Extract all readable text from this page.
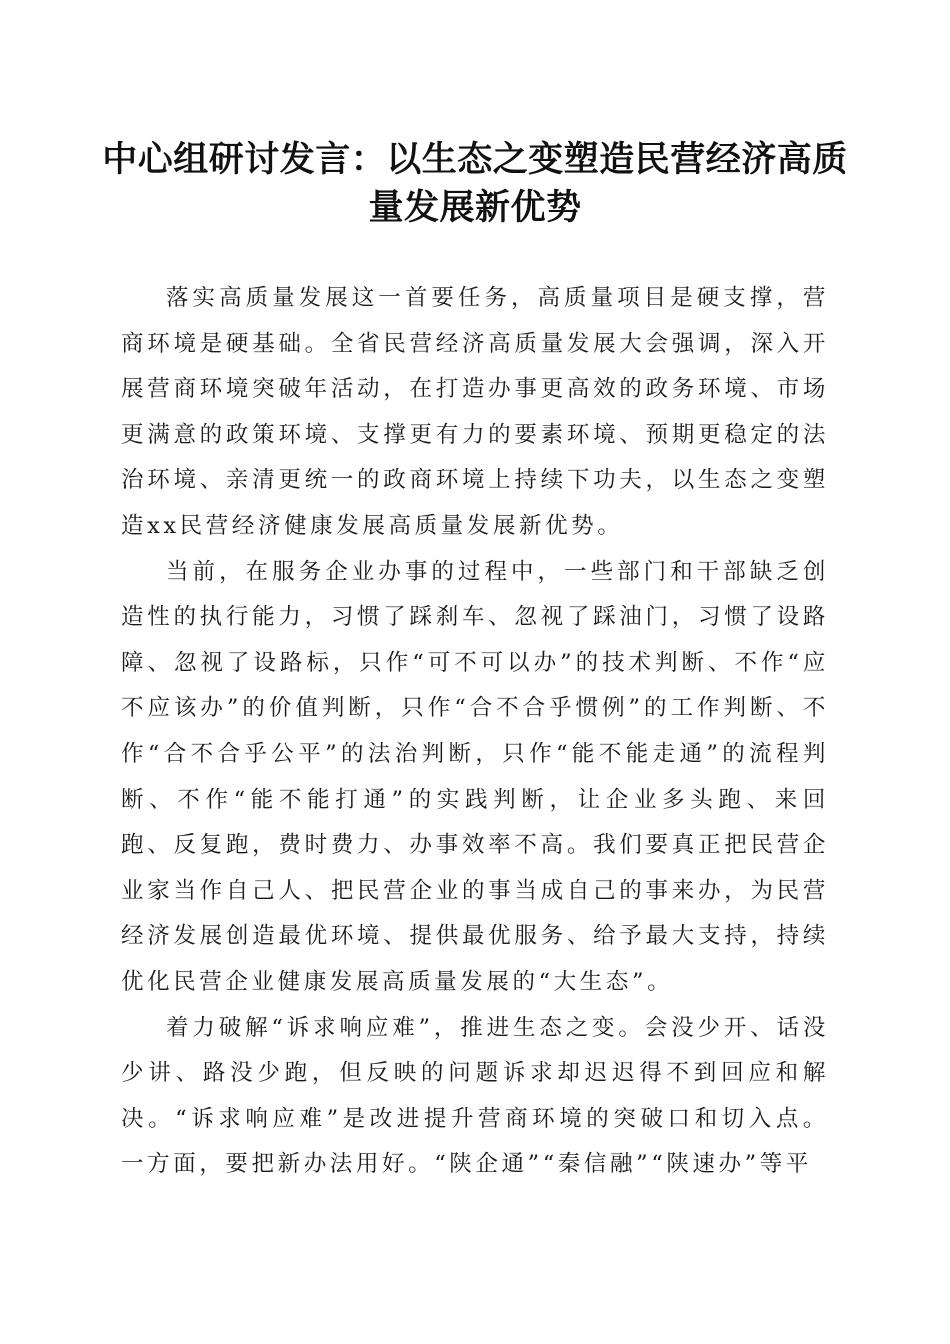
中心组研讨发言：以生态之变塑造民营经济高质量发展新优势

落实高质量发展这一首要任务，高质量项目是硬支撑，营商环境是硬基础。全省民营经济高质量发展大会强调，深入开展营商环境突破年活动，在打造办事更高效的政务环境、市场更满意的政策环境、支撑更有力的要素环境、预期更稳定的法治环境、亲清更统一的政商环境上持续下功夫，以生态之变塑造xx民营经济健康发展高质量发展新优势。

当前，在服务企业办事的过程中，一些部门和干部缺乏创造性的执行能力，习惯了踩刹车、忽视了踩油门，习惯了设路障、忽视了设路标，只作“可不可以办”的技术判断、不作“应不应该办”的价值判断，只作“合不合乎惯例”的工作判断、不作“合不合乎公平”的法治判断，只作“能不能走通”的流程判断、不作“能不能打通”的实践判断，让企业多头跑、来回跑、反复跑，费时费力、办事效率不高。我们要真正把民营企业家当作自己人、把民营企业的事当成自己的事来办，为民营经济发展创造最优环境、提供最优服务、给予最大支持，持续优化民营企业健康发展高质量发展的“大生态”。

着力破解“诉求响应难”，推进生态之变。会没少开、话没少讲、路没少跑，但反映的问题诉求却迟迟得不到回应和解决。“诉求响应难”是改进提升营商环境的突破口和切入点。一方面，要把新办法用好。“陕企通”“秦信融”“陕速办”等平
